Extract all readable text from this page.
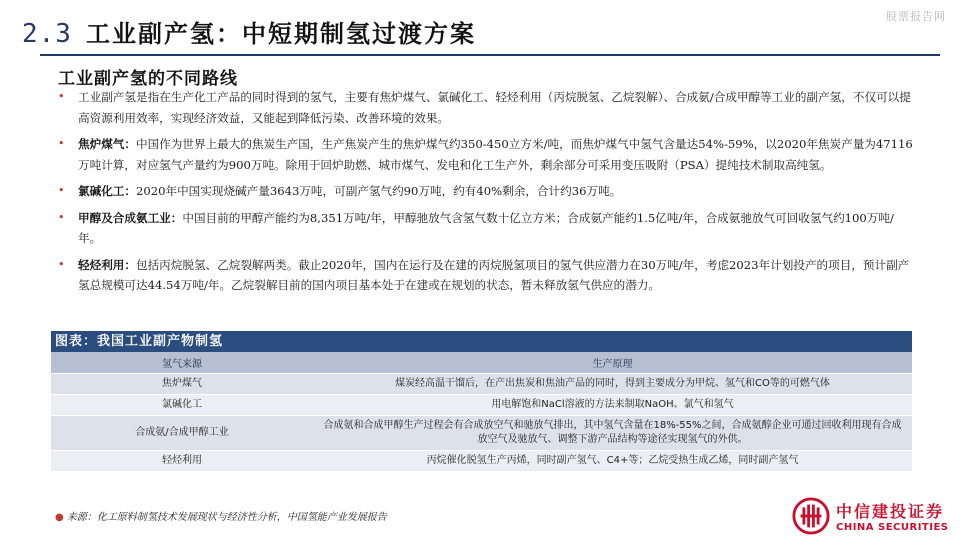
股票报告网
2.3 工业副产氢：中短期制氢过渡方案
工业副产氢的不同路线
• 工业副产氢是指在生产化工产品的同时得到的氢气，主要有焦炉煤气、氯碱化工、轻烃利用（丙烷脱氢、乙烷裂解）、合成氨/合成甲醇等工业的副产氢，不仅可以提高资源利用效率，实现经济效益，又能起到降低污染、改善环境的效果。
• 焦炉煤气：中国作为世界上最大的焦炭生产国，生产焦炭产生的焦炉煤气约350-450立方米/吨，而焦炉煤气中氢气含量达54%-59%，以2020年焦炭产量为47116万吨计算，对应氢气产量约为900万吨。除用于回炉助燃、城市煤气、发电和化工生产外，剩余部分可采用变压吸附（PSA）提纯技术制取高纯氢。
• 氯碱化工：2020年中国实现烧碱产量3643万吨，可副产氢气约90万吨，约有40%剩余，合计约36万吨。
• 甲醇及合成氨工业：中国目前的甲醇产能约为8,351万吨/年，甲醇驰放气含氢气数十亿立方米；合成氨产能约1.5亿吨/年，合成氨驰放气可回收氢气约100万吨/年。
• 轻烃利用：包括丙烷脱氢、乙烷裂解两类。截止2020年，国内在运行及在建的丙烷脱氢项目的氢气供应潜力在30万吨/年，考虑2023年计划投产的项目，预计副产氢总规模可达44.54万吨/年。乙烷裂解目前的国内项目基本处于在建或在规划的状态，暂未释放氢气供应的潜力。
图表：我国工业副产物制氢
氢气来源	生产原理
焦炉煤气	煤炭经高温干馏后，在产出焦炭和焦油产品的同时，得到主要成分为甲烷、氢气和CO等的可燃气体
氯碱化工	用电解饱和NaCl溶液的方法来制取NaOH、氯气和氢气
合成氨/合成甲醇工业	合成氨和合成甲醇生产过程会有合成放空气和驰放气排出，其中氢气含量在18%-55%之间，合成氨醇企业可通过回收利用现有合成放空气及驰放气、调整下游产品结构等途径实现氢气的外供。
轻烃利用	丙烷催化脱氢生产丙烯，同时副产氢气、C4+等；乙烷受热生成乙烯，同时副产氢气
● 来源：化工原料制氢技术发展现状与经济性分析，中国氢能产业发展报告	中信建投证券
CHINA SECURITIES
